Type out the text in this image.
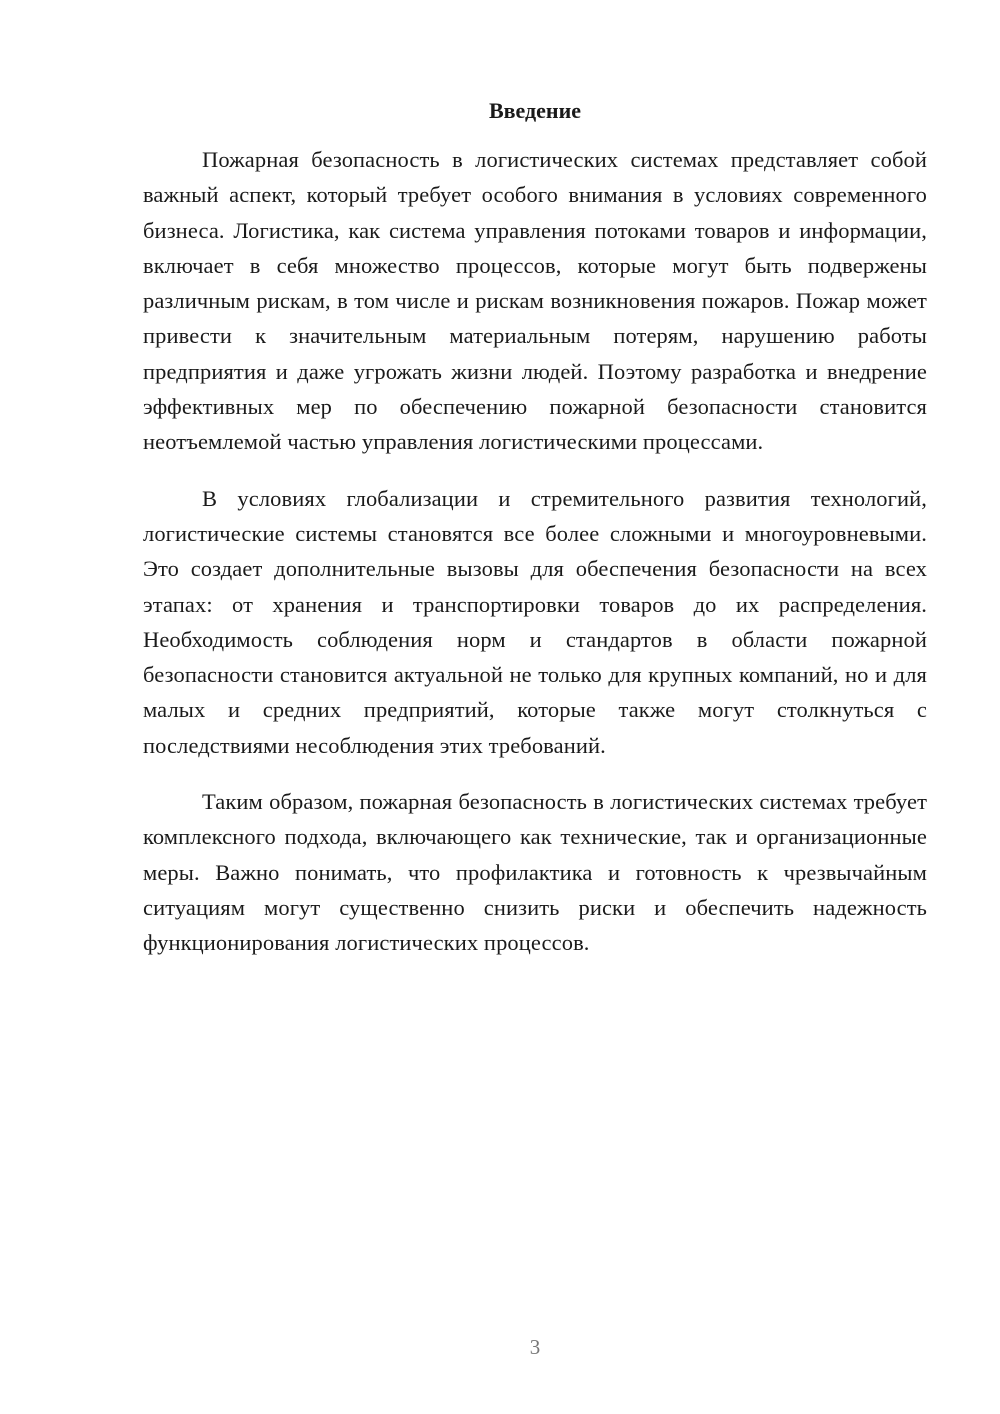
Введение

Пожарная безопасность в логистических системах представляет собой важный аспект, который требует особого внимания в условиях современного бизнеса. Логистика, как система управления потоками товаров и информации, включает в себя множество процессов, которые могут быть подвержены различным рискам, в том числе и рискам возникновения пожаров. Пожар может привести к значительным материальным потерям, нарушению работы предприятия и даже угрожать жизни людей. Поэтому разработка и внедрение эффективных мер по обеспечению пожарной безопасности становится неотъемлемой частью управления логистическими процессами.

В условиях глобализации и стремительного развития технологий, логистические системы становятся все более сложными и многоуровневыми. Это создает дополнительные вызовы для обеспечения безопасности на всех этапах: от хранения и транспортировки товаров до их распределения. Необходимость соблюдения норм и стандартов в области пожарной безопасности становится актуальной не только для крупных компаний, но и для малых и средних предприятий, которые также могут столкнуться с последствиями несоблюдения этих требований.

Таким образом, пожарная безопасность в логистических системах требует комплексного подхода, включающего как технические, так и организационные меры. Важно понимать, что профилактика и готовность к чрезвычайным ситуациям могут существенно снизить риски и обеспечить надежность функционирования логистических процессов.

3
